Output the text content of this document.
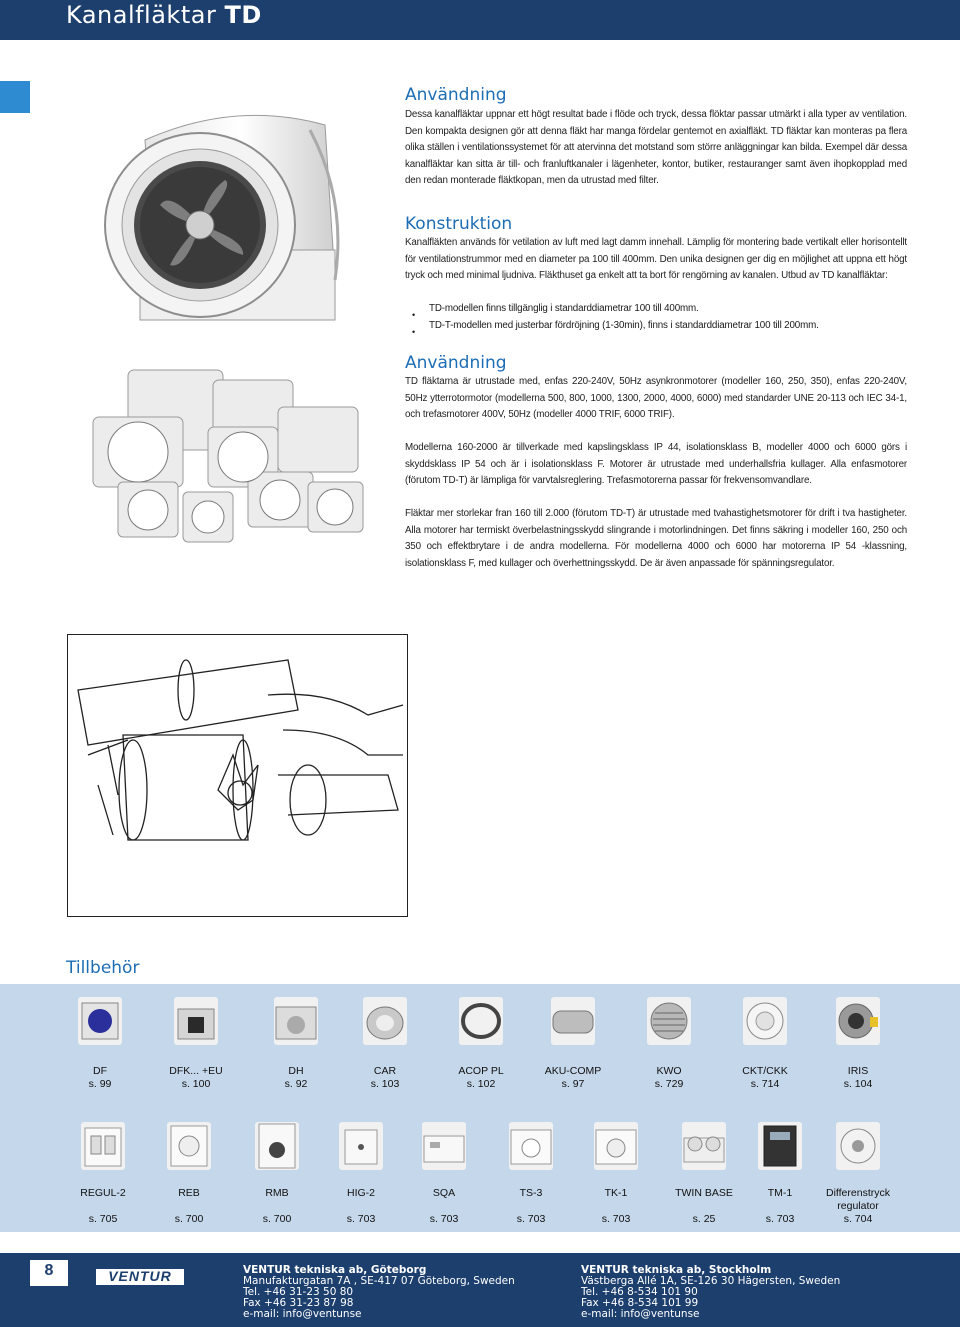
Kanalfläktar TD
Användning
Dessa kanalfläktar uppnar ett högt resultat bade i flöde och tryck, dessa flöktar passar utmärkt i alla typer av ventilation. Den kompakta designen gör att denna fläkt har manga fördelar gentemot en axialfläkt. TD fläktar kan monteras pa flera olika ställen i ventilationssystemet för att atervinna det motstand som större anläggningar kan bilda. Exempel där dessa kanalfläktar kan sitta är till- och franluftkanaler i lägenheter, kontor, butiker, restauranger samt även ihopkopplad med den redan monterade fläktkopan, men da utrustad med filter.
Konstruktion
Kanalfläkten används för vetilation av luft med lagt damm innehall. Lämplig för montering bade vertikalt eller horisontellt för ventilationstrummor med en diameter pa 100 till 400mm. Den unika designen ger dig en möjlighet att uppna ett högt tryck och med minimal ljudniva. Fläkthuset ga enkelt att ta bort för rengörning av kanalen. Utbud av TD kanalfläktar:
• TD-modellen finns tillgänglig i standarddiametrar 100 till 400mm.
• TD-T-modellen med justerbar fördröjning (1-30min), finns i standarddiametrar 100 till 200mm.
Användning
TD fläktarna är utrustade med, enfas 220-240V, 50Hz asynkronmotorer (modeller 160, 250, 350), enfas 220-240V, 50Hz ytterrotormotor (modellerna 500, 800, 1000, 1300, 2000, 4000, 6000) med standarder UNE 20-113 och IEC 34-1, och trefasmotorer 400V, 50Hz (modeller 4000 TRIF, 6000 TRIF).
Modellerna 160-2000 är tillverkade med kapslingsklass IP 44, isolationsklass B, modeller 4000 och 6000 görs i skyddsklass IP 54 och är i isolationsklass F. Motorer är utrustade med underhallsfria kullager. Alla enfasmotorer (förutom TD-T) är lämpliga för varvtalsreglering. Trefasmotorerna passar för frekvensomvandlare.
Fläktar mer storlekar fran 160 till 2.000 (förutom TD-T) är utrustade med tvahastighetsmotorer för drift i tva hastigheter. Alla motorer har termiskt överbelastningsskydd slingrande i motorlindningen. Det finns säkring i modeller 160, 250 och 350 och effektbrytare i de andra modellerna. För modellerna 4000 och 6000 har motorerna IP 54 -klassning, isolationsklass F, med kullager och överhettningsskydd. De är även anpassade för spänningsregulator.
Tillbehör
DF
s. 99
DFK... +EU
s. 100
DH
s. 92
CAR
s. 103
ACOP PL
s. 102
AKU-COMP
s. 97
KWO
s. 729
CKT/CKK
s. 714
IRIS
s. 104
REGUL-2
s. 705
REB
s. 700
RMB
s. 700
HIG-2
s. 703
SQA
s. 703
TS-3
s. 703
TK-1
s. 703
TWIN BASE
s. 25
TM-1
s. 703
Differenstryck regulator
s. 704
8	VENTUR	VENTUR tekniska ab, Göteborg
Manufakturgatan 7A , SE-417 07 Göteborg, Sweden
Tel. +46 31-23 50 80
Fax +46 31-23 87 98
e-mail: info@ventunse
VENTUR tekniska ab, Stockholm
Västberga Allé 1A, SE-126 30 Hägersten, Sweden
Tel. +46 8-534 101 90
Fax +46 8-534 101 99
e-mail: info@ventunse
